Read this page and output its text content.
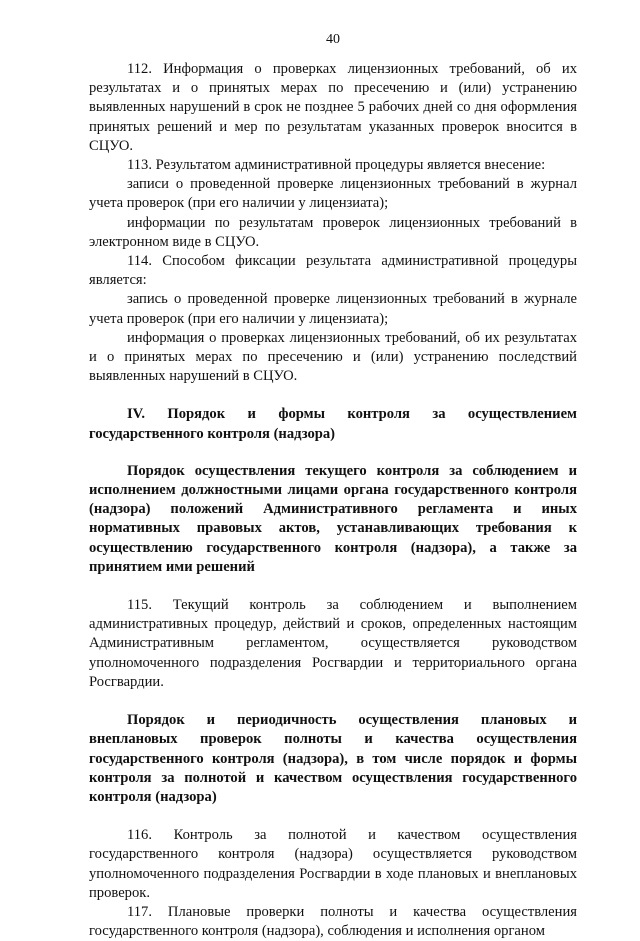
40

112. Информация о проверках лицензионных требований, об их результатах и о принятых мерах по пресечению и (или) устранению выявленных нарушений в срок не позднее 5 рабочих дней со дня оформления принятых решений и мер по результатам указанных проверок вносится в СЦУО.

113. Результатом административной процедуры является внесение:

записи о проведенной проверке лицензионных требований в журнал учета проверок (при его наличии у лицензиата);

информации по результатам проверок лицензионных требований в электронном виде в СЦУО.

114. Способом фиксации результата административной процедуры является:

запись о проведенной проверке лицензионных требований в журнале учета проверок (при его наличии у лицензиата);

информация о проверках лицензионных требований, об их результатах и о принятых мерах по пресечению и (или) устранению последствий выявленных нарушений в СЦУО.

IV. Порядок и формы контроля за осуществлением государственного контроля (надзора)
Порядок осуществления текущего контроля за соблюдением и исполнением должностными лицами органа государственного контроля (надзора) положений Административного регламента и иных нормативных правовых актов, устанавливающих требования к осуществлению государственного контроля (надзора), а также за принятием ими решений

115. Текущий контроль за соблюдением и выполнением административных процедур, действий и сроков, определенных настоящим Административным регламентом, осуществляется руководством уполномоченного подразделения Росгвардии и территориального органа Росгвардии.

Порядок и периодичность осуществления плановых и внеплановых проверок полноты и качества осуществления государственного контроля (надзора), в том числе порядок и формы контроля за полнотой и качеством осуществления государственного контроля (надзора)

116. Контроль за полнотой и качеством осуществления государственного контроля (надзора) осуществляется руководством уполномоченного подразделения Росгвардии в ходе плановых и внеплановых проверок.

117. Плановые проверки полноты и качества осуществления государственного контроля (надзора), соблюдения и исполнения органом
